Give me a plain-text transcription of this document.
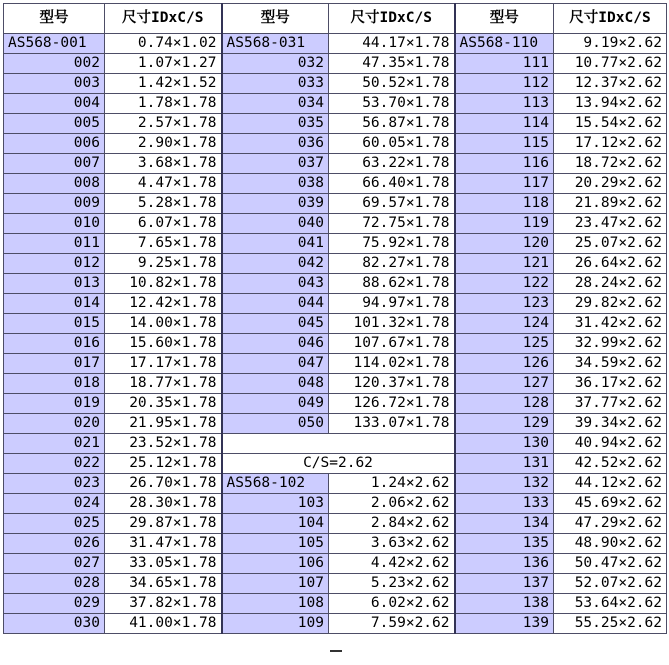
型号	尺寸IDxC/S	型号	尺寸IDxC/S	型号	尺寸IDxC/S
AS568-001	0.74×1.02	AS568-031	44.17×1.78	AS568-110	9.19×2.62
002	1.07×1.27	032	47.35×1.78	111	10.77×2.62
003	1.42×1.52	033	50.52×1.78	112	12.37×2.62
004	1.78×1.78	034	53.70×1.78	113	13.94×2.62
005	2.57×1.78	035	56.87×1.78	114	15.54×2.62
006	2.90×1.78	036	60.05×1.78	115	17.12×2.62
007	3.68×1.78	037	63.22×1.78	116	18.72×2.62
008	4.47×1.78	038	66.40×1.78	117	20.29×2.62
009	5.28×1.78	039	69.57×1.78	118	21.89×2.62
010	6.07×1.78	040	72.75×1.78	119	23.47×2.62
011	7.65×1.78	041	75.92×1.78	120	25.07×2.62
012	9.25×1.78	042	82.27×1.78	121	26.64×2.62
013	10.82×1.78	043	88.62×1.78	122	28.24×2.62
014	12.42×1.78	044	94.97×1.78	123	29.82×2.62
015	14.00×1.78	045	101.32×1.78	124	31.42×2.62
016	15.60×1.78	046	107.67×1.78	125	32.99×2.62
017	17.17×1.78	047	114.02×1.78	126	34.59×2.62
018	18.77×1.78	048	120.37×1.78	127	36.17×2.62
019	20.35×1.78	049	126.72×1.78	128	37.77×2.62
020	21.95×1.78	050	133.07×1.78	129	39.34×2.62
021	23.52×1.78			130	40.94×2.62
022	25.12×1.78	C/S=2.62		131	42.52×2.62
023	26.70×1.78	AS568-102	1.24×2.62	132	44.12×2.62
024	28.30×1.78	103	2.06×2.62	133	45.69×2.62
025	29.87×1.78	104	2.84×2.62	134	47.29×2.62
026	31.47×1.78	105	3.63×2.62	135	48.90×2.62
027	33.05×1.78	106	4.42×2.62	136	50.47×2.62
028	34.65×1.78	107	5.23×2.62	137	52.07×2.62
029	37.82×1.78	108	6.02×2.62	138	53.64×2.62
030	41.00×1.78	109	7.59×2.62	139	55.25×2.62
